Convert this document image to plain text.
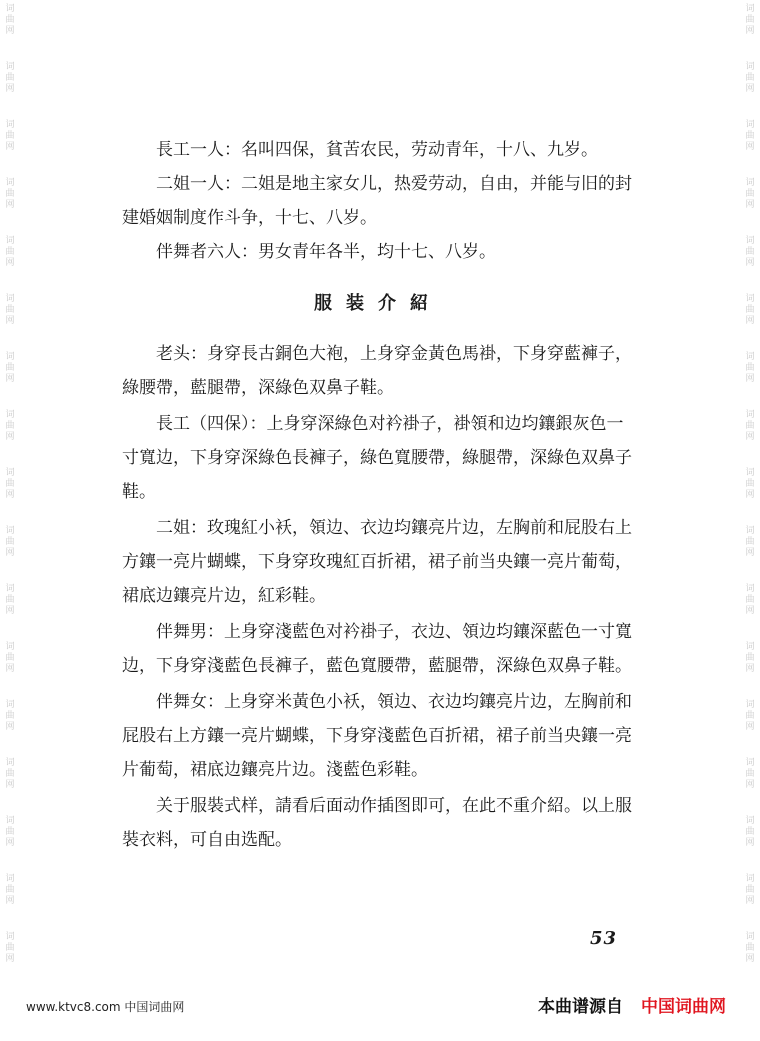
词
曲
网
词
曲
网
词
曲
网
词
曲
网
词
曲
网
词
曲
网
词
曲
网
词
曲
网
词
曲
网
词
曲
网
词
曲
网
词
曲
网
词
曲
网
词
曲
网
词
曲
网
词
曲
网
词
曲
网
词
曲
网
词
曲
网
词
曲
网
词
曲
网
词
曲
网
词
曲
网
词
曲
网
词
曲
网
词
曲
网
词
曲
网
词
曲
网
词
曲
网
词
曲
网
词
曲
网
词
曲
网
词
曲
网
词
曲
网

長工一人：名叫四保，貧苦农民，劳动青年，十八、九岁。

二姐一人：二姐是地主家女儿，热爱劳动，自由，并能与旧的封建婚姻制度作斗争，十七、八岁。

伴舞者六人：男女青年各半，均十七、八岁。

服装介紹

老头：身穿長古銅色大袍，上身穿金黃色馬褂，下身穿藍褲子，綠腰帶，藍腿帶，深綠色双鼻子鞋。

長工（四保）：上身穿深綠色对衿褂子，褂領和边均鑲銀灰色一寸寬边，下身穿深綠色長褲子，綠色寬腰帶，綠腿帶，深綠色双鼻子鞋。

二姐：玫瑰紅小袄，領边、衣边均鑲亮片边，左胸前和屁股右上方鑲一亮片蝴蝶，下身穿玫瑰紅百折裙，裙子前当央鑲一亮片葡萄，裙底边鑲亮片边，紅彩鞋。

伴舞男：上身穿淺藍色对衿褂子，衣边、領边均鑲深藍色一寸寬边，下身穿淺藍色長褲子，藍色寬腰帶，藍腿帶，深綠色双鼻子鞋。

伴舞女：上身穿米黃色小袄，領边、衣边均鑲亮片边，左胸前和屁股右上方鑲一亮片蝴蝶，下身穿淺藍色百折裙，裙子前当央鑲一亮片葡萄，裙底边鑲亮片边。淺藍色彩鞋。

关于服裝式样，請看后面动作插图即可，在此不重介紹。以上服裝衣料，可自由选配。

53
www.ktvc8.com 中国词曲网	本曲谱源自 中国词曲网
